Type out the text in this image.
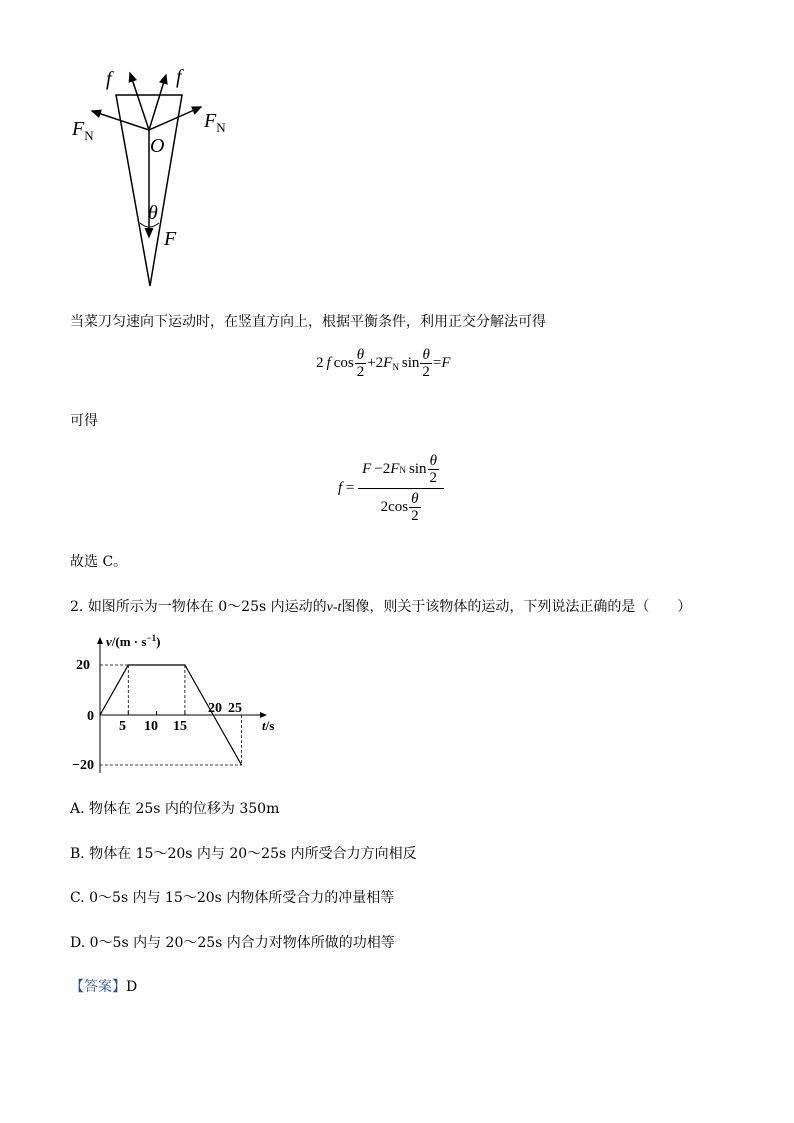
f	f
$F_N$
$F_N$
O
θ
F
当菜刀匀速向下运动时，在竖直方向上，根据平衡条件，利用正交分解法可得
2  f  $\cos \frac{\theta}{2} +2F_N$  $\sin \frac{\theta}{2} =F$
可得
f
=
F
  −2 F N
  $\sin \frac{\theta}{2}$
2 $\cos \frac{\theta}{2}$
故选 C。
2. 如图所示为一物体在 0～25s 内运动的v-t图像，则关于该物体的运动，下列说法正确的是（　　）
$v/(m \cdot s^{-1})$
t/s
20
0
−20
5 10 15
20 25
A. 物体在 25s 内的位移为 350m
B. 物体在 15～20s 内与 20～25s 内所受合力方向相反
C. 0～5s 内与 15～20s 内物体所受合力的冲量相等
D. 0～5s 内与 20～25s 内合力对物体所做的功相等
【答案】D
